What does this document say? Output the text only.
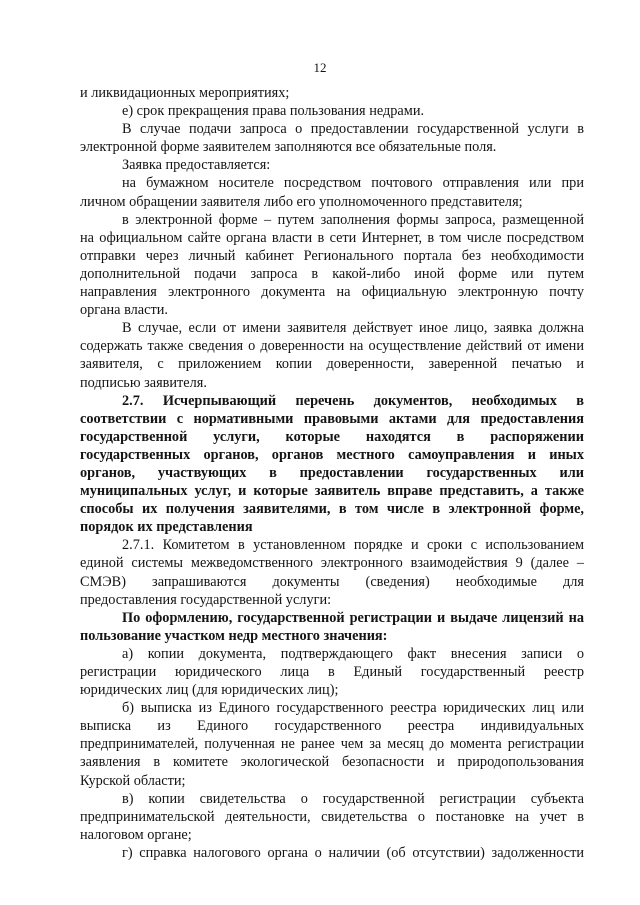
12
и ликвидационных мероприятиях;
е) срок прекращения права пользования недрами.
В случае подачи запроса о предоставлении государственной услуги в
электронной форме заявителем заполняются все обязательные поля.
Заявка предоставляется:
на бумажном носителе посредством почтового отправления или при
личном обращении заявителя либо его уполномоченного представителя;
в электронной форме – путем заполнения формы запроса, размещенной
на официальном сайте органа власти в сети Интернет, в том числе посредством
отправки через личный кабинет Регионального портала без необходимости
дополнительной подачи запроса в какой-либо иной форме или путем
направления электронного документа на официальную электронную почту
органа власти.
В случае, если от имени заявителя действует иное лицо, заявка должна
содержать также сведения о доверенности на осуществление действий от имени
заявителя, с приложением копии доверенности, заверенной печатью и
подписью заявителя.
2.7. Исчерпывающий перечень документов, необходимых в
соответствии с нормативными правовыми актами для предоставления
государственной услуги, которые находятся в распоряжении
государственных органов, органов местного самоуправления и иных
органов, участвующих в предоставлении государственных или
муниципальных услуг, и которые заявитель вправе представить, а также
способы их получения заявителями, в том числе в электронной форме,
порядок их представления
2.7.1. Комитетом в установленном порядке и сроки с использованием
единой системы межведомственного электронного взаимодействия 9 (далее –
СМЭВ) запрашиваются документы (сведения) необходимые для
предоставления государственной услуги:
По оформлению, государственной регистрации и выдаче лицензий на
пользование участком недр местного значения:
а) копии документа, подтверждающего факт внесения записи о
регистрации юридического лица в Единый государственный реестр
юридических лиц (для юридических лиц);
б) выписка из Единого государственного реестра юридических лиц или
выписка из Единого государственного реестра индивидуальных
предпринимателей, полученная не ранее чем за месяц до момента регистрации
заявления в комитете экологической безопасности и природопользования
Курской области;
в) копии свидетельства о государственной регистрации субъекта
предпринимательской деятельности, свидетельства о постановке на учет в
налоговом органе;
г) справка налогового органа о наличии (об отсутствии) задолженности
